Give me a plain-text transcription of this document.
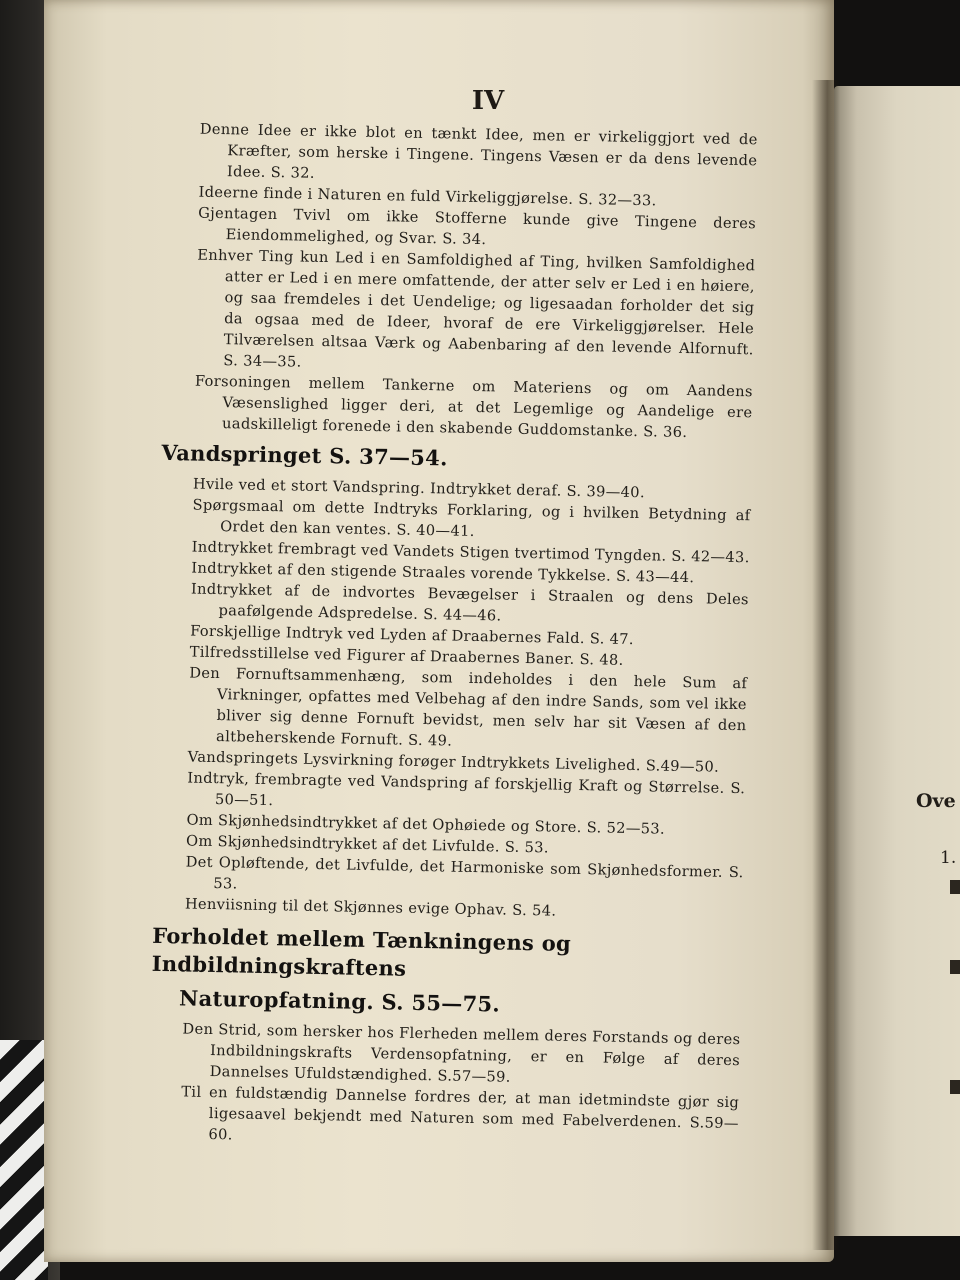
IV

Denne Idee er ikke blot en tænkt Idee, men er virkeliggjort ved de Kræfter, som herske i Tingene. Tingens Væsen er da dens levende Idee. S. 32.

Ideerne finde i Naturen en fuld Virkeliggjørelse. S. 32—33.

Gjentagen Tvivl om ikke Stofferne kunde give Tingene deres Eiendommelighed, og Svar. S. 34.

Enhver Ting kun Led i en Samfoldighed af Ting, hvilken Samfoldighed atter er Led i en mere omfattende, der atter selv er Led i en høiere, og saa fremdeles i det Uendelige; og ligesaadan forholder det sig da ogsaa med de Ideer, hvoraf de ere Virkeliggjørelser. Hele Tilværelsen altsaa Værk og Aabenbaring af den levende Alfornuft. S. 34—35.

Forsoningen mellem Tankerne om Materiens og om Aandens Væsenslighed ligger deri, at det Legemlige og Aandelige ere uadskilleligt forenede i den skabende Guddomstanke. S. 36.

Vandspringet S. 37—54.

Hvile ved et stort Vandspring. Indtrykket deraf. S. 39—40.

Spørgsmaal om dette Indtryks Forklaring, og i hvilken Betydning af Ordet den kan ventes. S. 40—41.

Indtrykket frembragt ved Vandets Stigen tvertimod Tyngden. S. 42—43.

Indtrykket af den stigende Straales vorende Tykkelse. S. 43—44.

Indtrykket af de indvortes Bevægelser i Straalen og dens Deles paafølgende Adspredelse. S. 44—46.

Forskjellige Indtryk ved Lyden af Draabernes Fald. S. 47.

Tilfredsstillelse ved Figurer af Draabernes Baner. S. 48.

Den Fornuftsammenhæng, som indeholdes i den hele Sum af Virkninger, opfattes med Velbehag af den indre Sands, som vel ikke bliver sig denne Fornuft bevidst, men selv har sit Væsen af den altbeherskende Fornuft. S. 49.

Vandspringets Lysvirkning forøger Indtrykkets Livelighed. S.49—50.

Indtryk, frembragte ved Vandspring af forskjellig Kraft og Størrelse. S. 50—51.

Om Skjønhedsindtrykket af det Ophøiede og Store. S. 52—53.

Om Skjønhedsindtrykket af det Livfulde. S. 53.

Det Opløftende, det Livfulde, det Harmoniske som Skjønhedsformer. S. 53.

Henviisning til det Skjønnes evige Ophav. S. 54.

Forholdet mellem Tænkningens og Indbildningskraftens
Naturopfatning. S. 55—75.

Den Strid, som hersker hos Flerheden mellem deres Forstands og deres Indbildningskrafts Verdensopfatning, er en Følge af deres Dannelses Ufuldstændighed. S.57—59.

Til en fuldstændig Dannelse fordres der, at man idetmindste gjør sig ligesaavel bekjendt med Naturen som med Fabelverdenen. S.59—60.

Ove
1.
